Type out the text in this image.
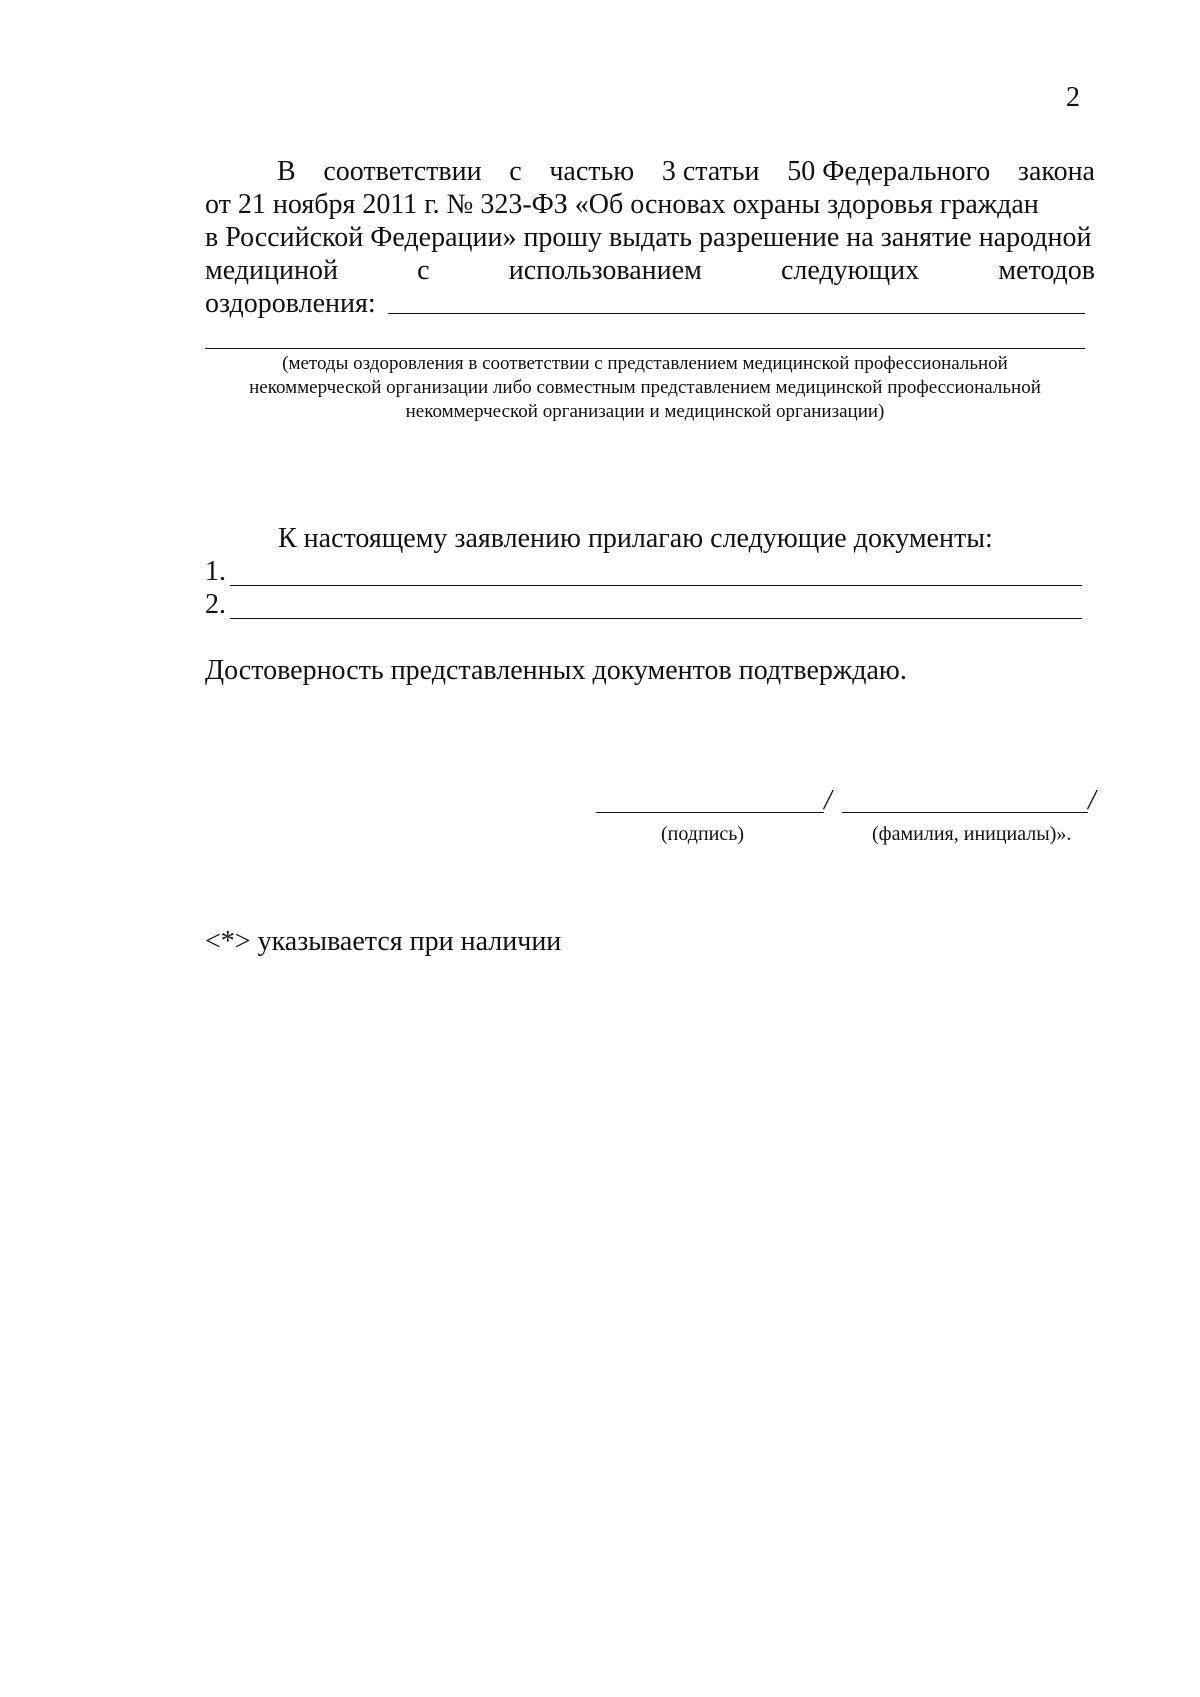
2
В соответствии с частью 3 статьи 50 Федерального закона
от 21 ноября 2011 г. № 323-ФЗ «Об основах охраны здоровья граждан
в Российской Федерации» прошу выдать разрешение на занятие народной
медициной	с	использованием	следующих	методов
оздоровления:
(методы оздоровления в соответствии с представлением медицинской профессиональной
некоммерческой организации либо совместным представлением медицинской профессиональной
некоммерческой организации и медицинской организации)
К настоящему заявлению прилагаю следующие документы:
1.
2.
Достоверность представленных документов подтверждаю.
/	/
(подпись)	(фамилия, инициалы)».
<*> указывается при наличии
